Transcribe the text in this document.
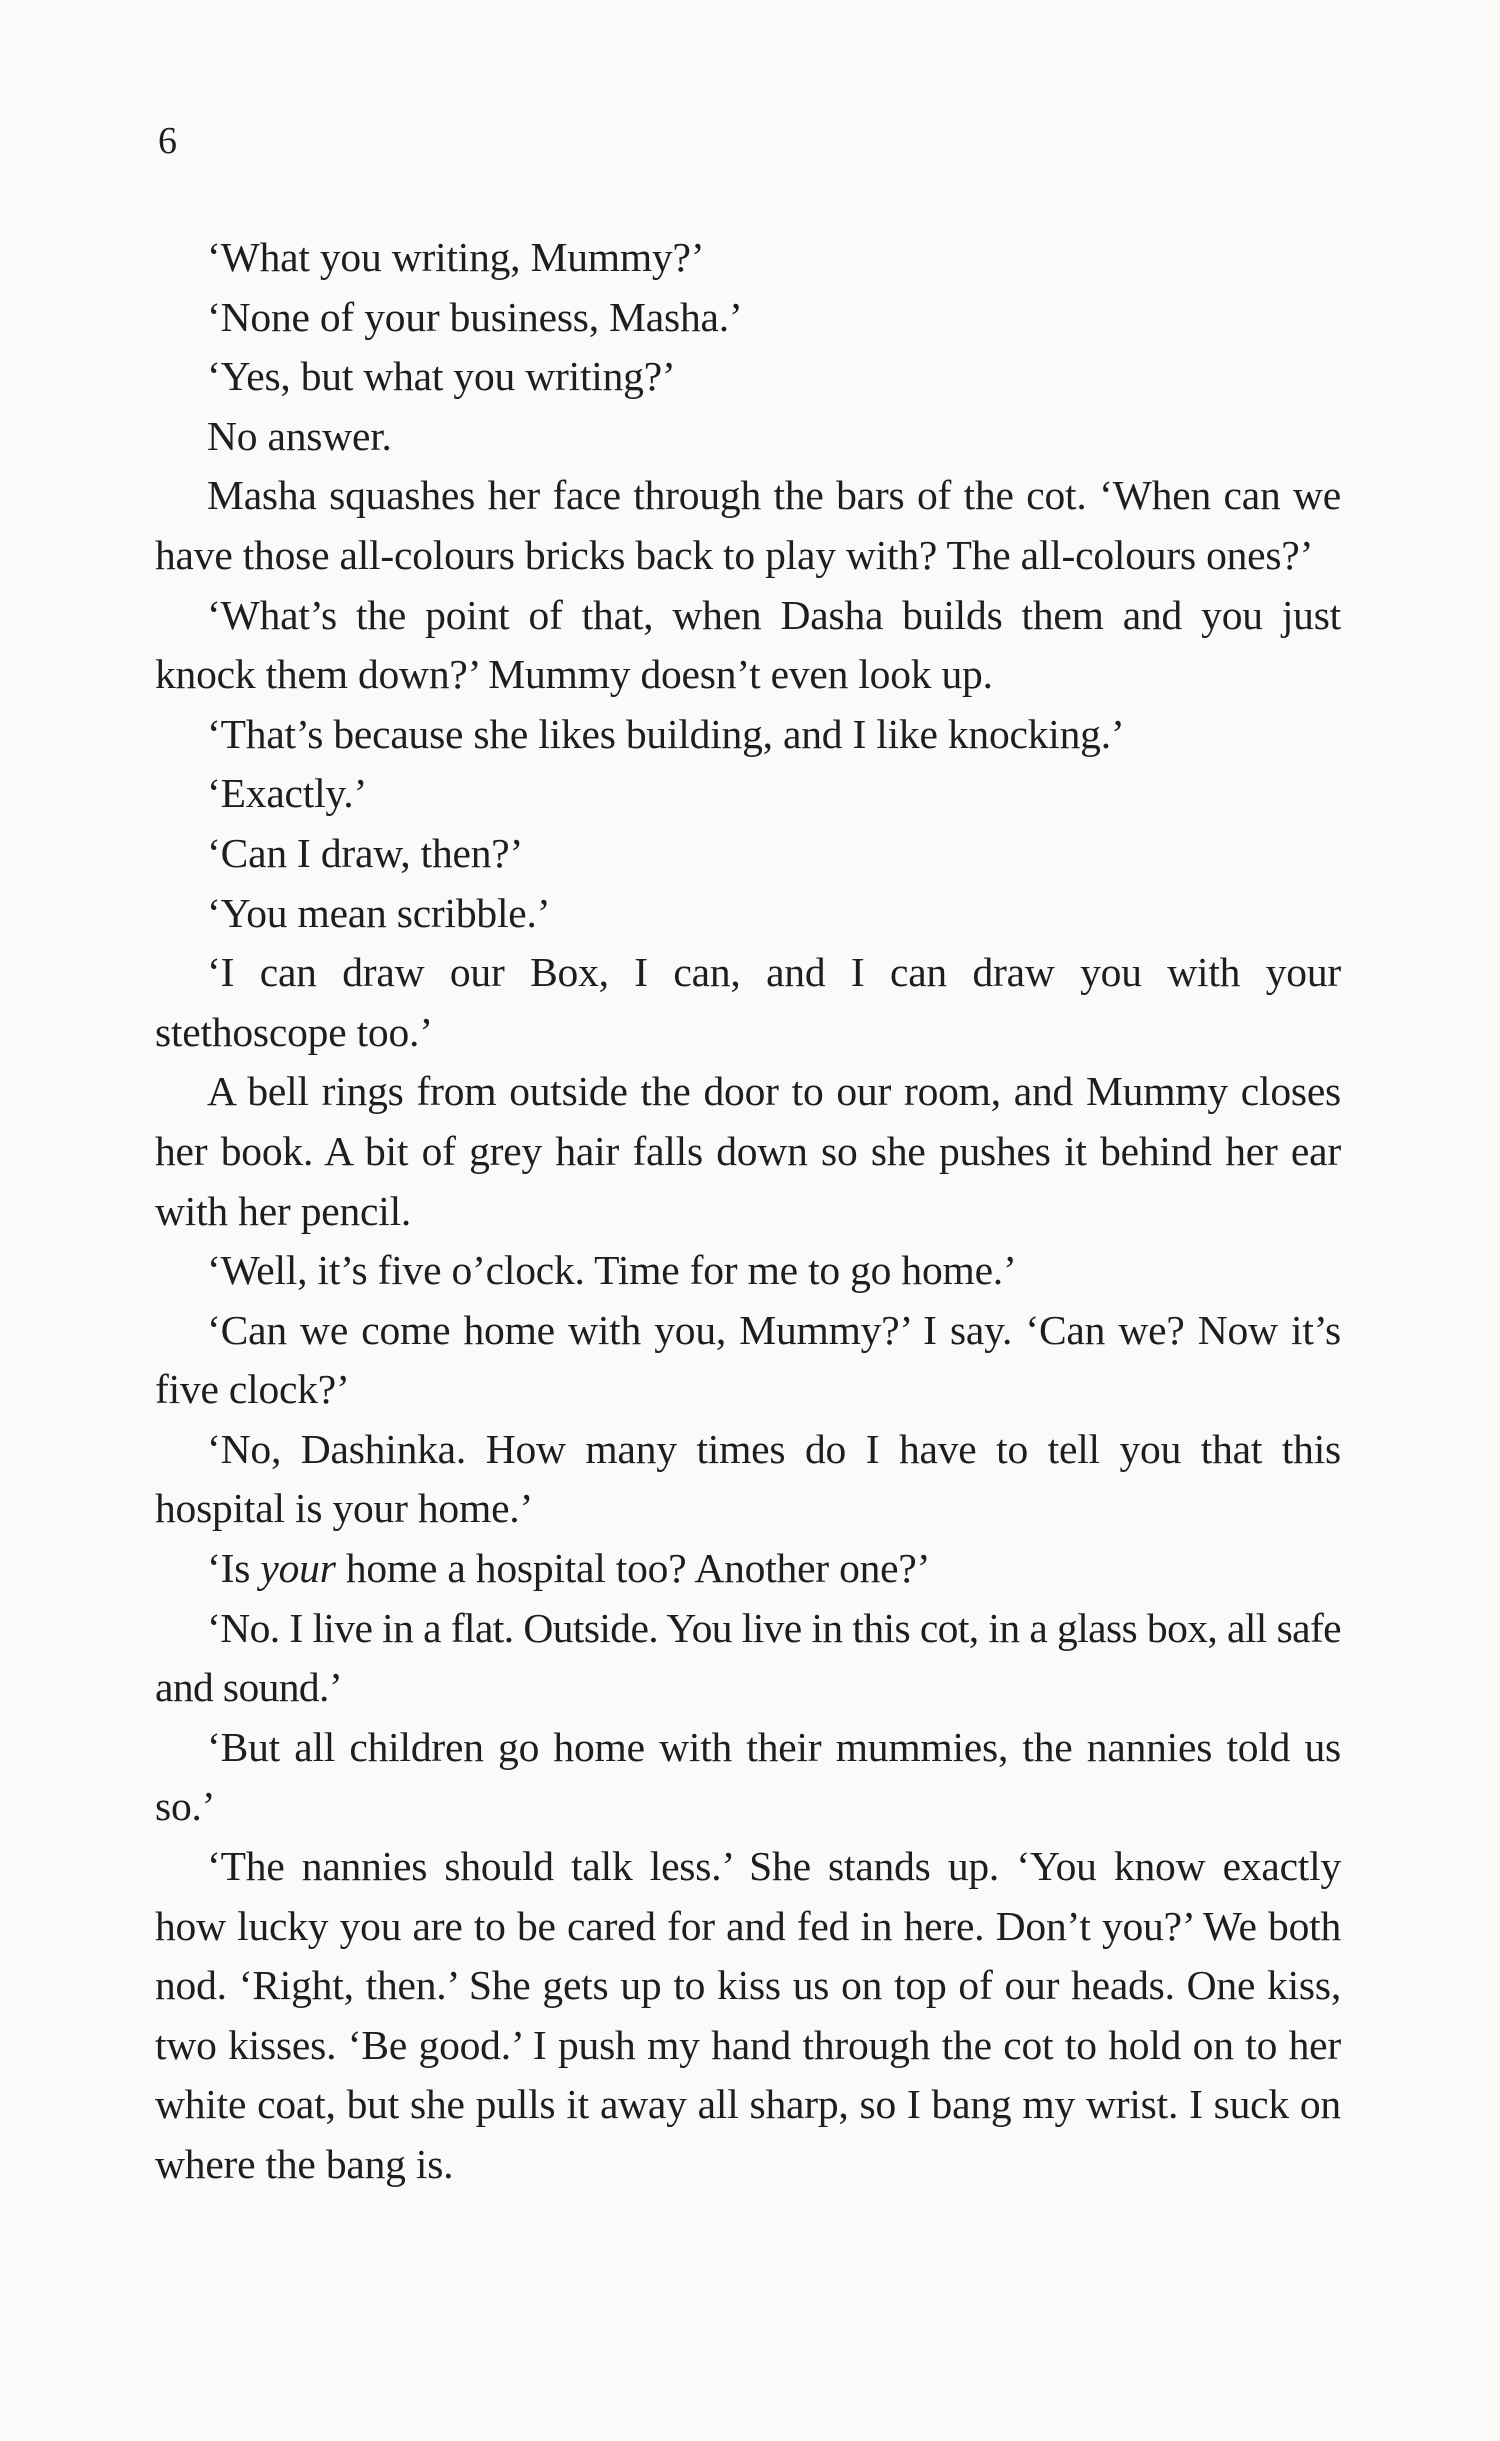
6

‘What you writing, Mummy?’

‘None of your business, Masha.’

‘Yes, but what you writing?’

No answer.

Masha squashes her face through the bars of the cot. ‘When can we have those all-colours bricks back to play with? The all-colours ones?’

‘What’s the point of that, when Dasha builds them and you just knock them down?’ Mummy doesn’t even look up.

‘That’s because she likes building, and I like knocking.’

‘Exactly.’

‘Can I draw, then?’

‘You mean scribble.’

‘I can draw our Box, I can, and I can draw you with your stethoscope too.’

A bell rings from outside the door to our room, and Mummy closes her book. A bit of grey hair falls down so she pushes it behind her ear with her pencil.

‘Well, it’s five o’clock. Time for me to go home.’

‘Can we come home with you, Mummy?’ I say. ‘Can we? Now it’s five clock?’

‘No, Dashinka. How many times do I have to tell you that this hospital is your home.’

‘Is your home a hospital too? Another one?’

‘No. I live in a flat. Outside. You live in this cot, in a glass box, all safe and sound.’

‘But all children go home with their mummies, the nannies told us so.’

‘The nannies should talk less.’ She stands up. ‘You know exactly how lucky you are to be cared for and fed in here. Don’t you?’ We both nod. ‘Right, then.’ She gets up to kiss us on top of our heads. One kiss, two kisses. ‘Be good.’ I push my hand through the cot to hold on to her white coat, but she pulls it away all sharp, so I bang my wrist. I suck on where the bang is.
